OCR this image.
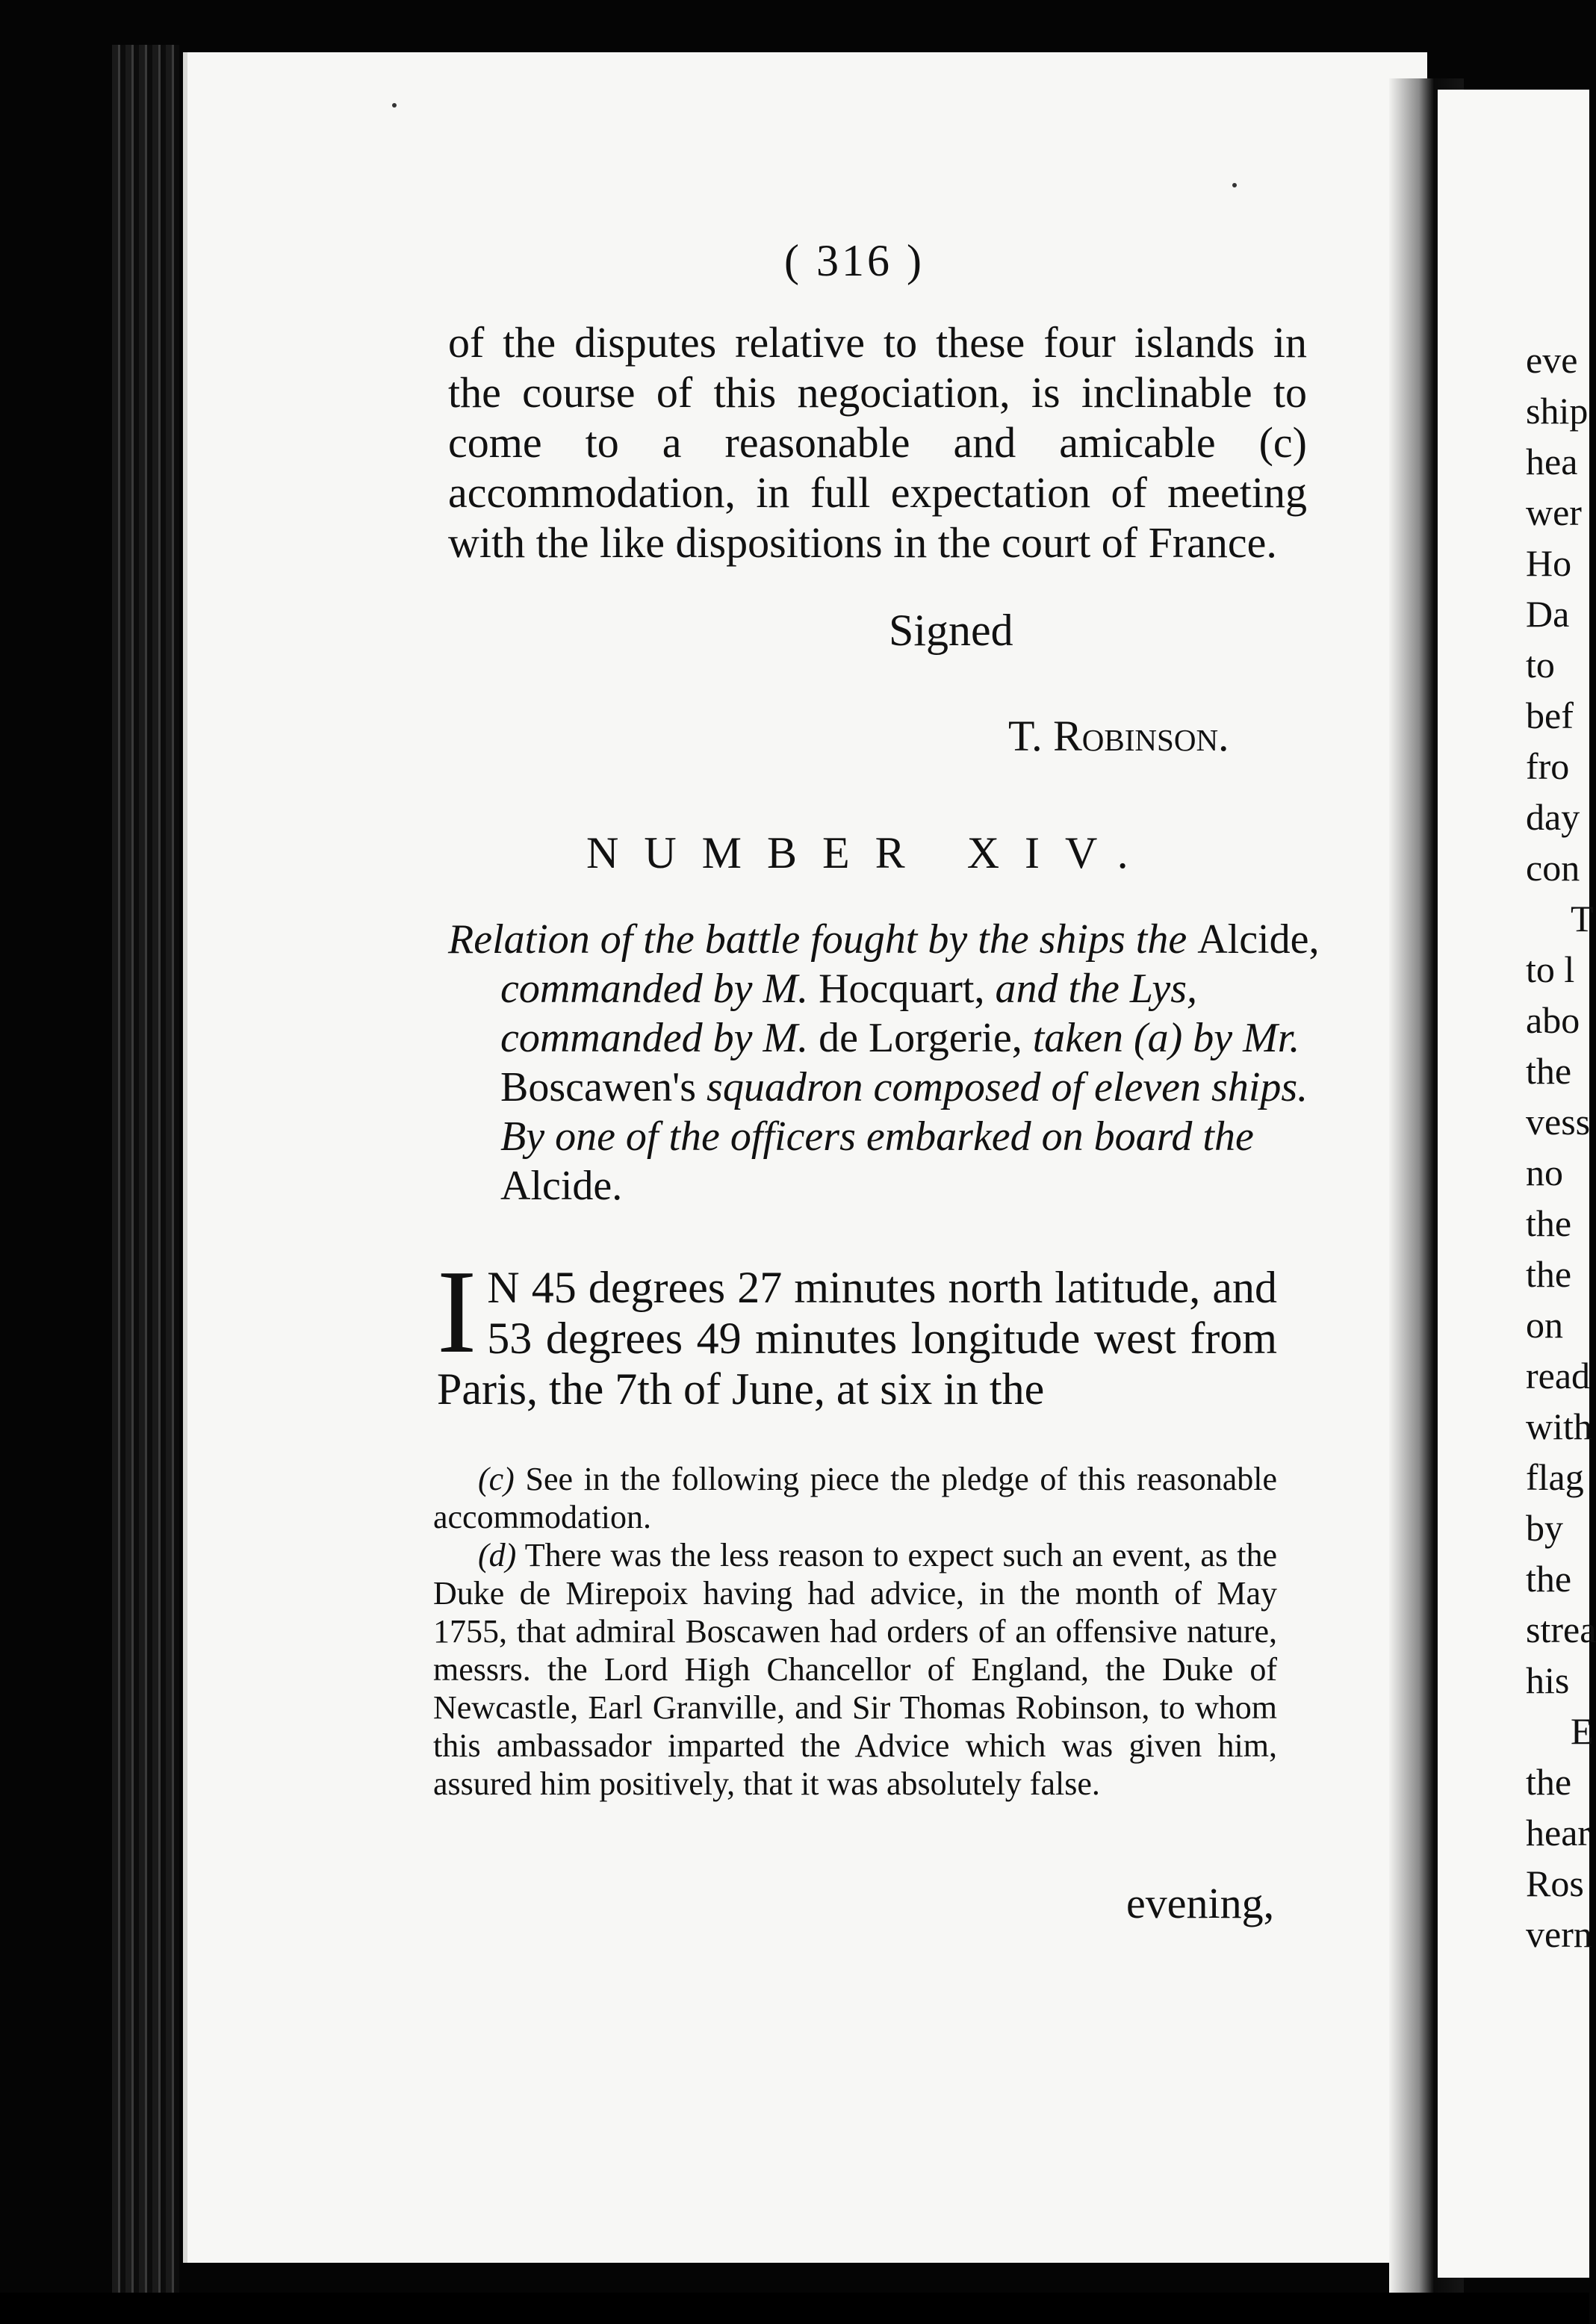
eve
ship
hea
wer
Ho
Da
to
bef
fro
day
con
T
to l
abo
the
vess
no
the
the
on
read
with
flag
by
the
strea
his
E
the
hear
Ros
vern
( 316 )

of the disputes relative to these four islands in the course of this negociation, is inclinable to come to a reasonable and amicable (c) accommodation, in full expectation of meeting with the like dispositions in the court of France.

Signed
T. Robinson.
NUMBER XIV.

Relation of the battle fought by the ships the Alcide, commanded by M. Hocquart, and the Lys, commanded by M. de Lorgerie, taken (a) by Mr. Boscawen's squadron composed of eleven ships. By one of the officers embarked on board the Alcide.

I N 45 degrees 27 minutes north latitude, and 53 degrees 49 minutes longitude west from Paris, the 7th of June, at six in the

(c) See in the following piece the pledge of this reasonable accommodation.

(d) There was the less reason to expect such an event, as the Duke de Mirepoix having had advice, in the month of May 1755, that admiral Boscawen had orders of an offensive nature, messrs. the Lord High Chancellor of England, the Duke of Newcastle, Earl Granville, and Sir Thomas Robinson, to whom this ambassador imparted the Advice which was given him, assured him positively, that it was absolutely false.

evening,
